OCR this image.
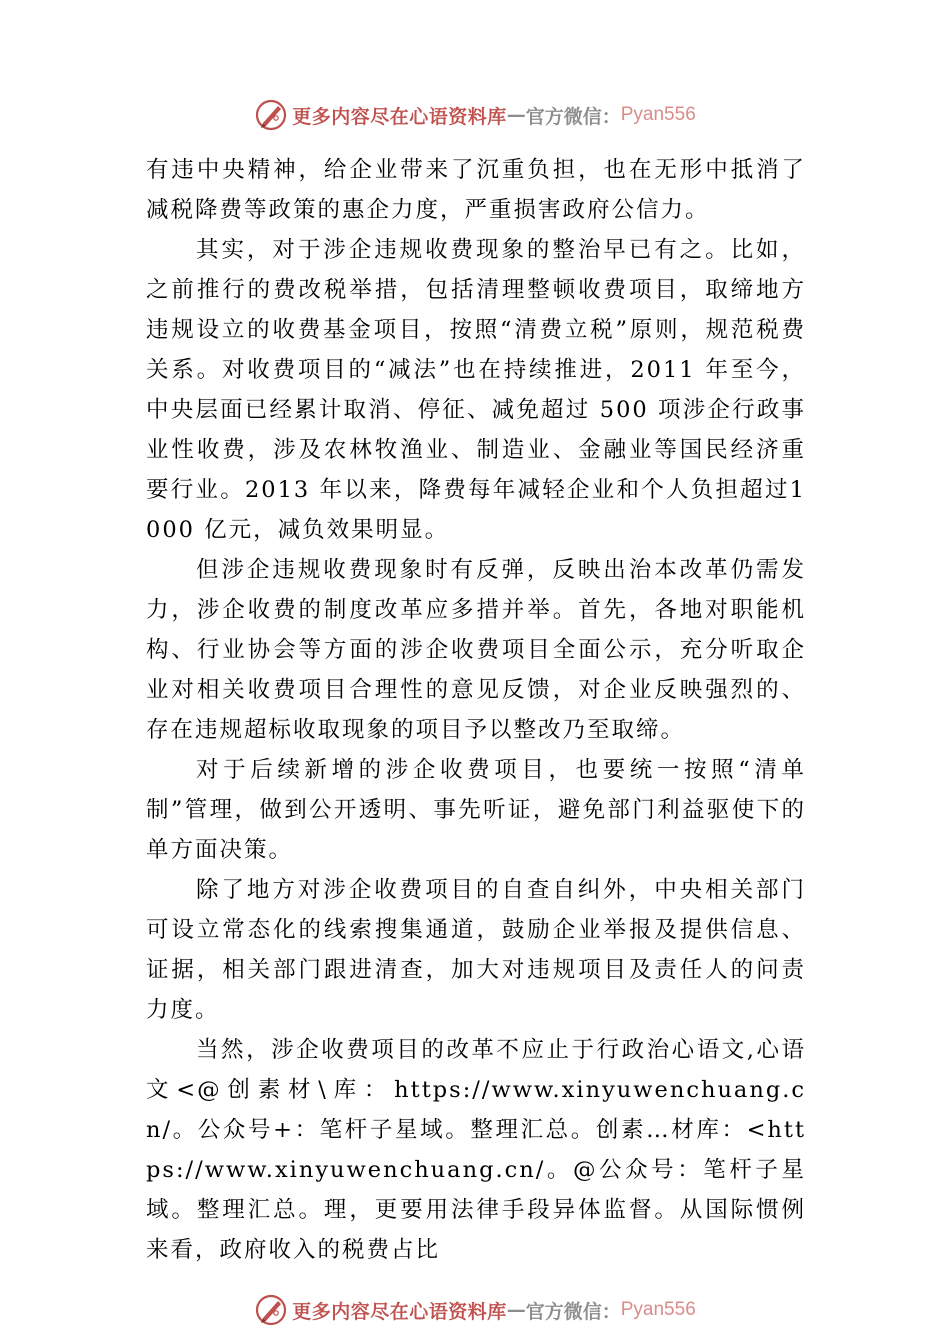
更多内容尽在心语资料库 — 官方微信： Pyan556

有违中央精神，给企业带来了沉重负担，也在无形中抵消了减税降费等政策的惠企力度，严重损害政府公信力。

其实，对于涉企违规收费现象的整治早已有之。比如，之前推行的费改税举措，包括清理整顿收费项目，取缔地方违规设立的收费基金项目，按照“清费立税”原则，规范税费关系。对收费项目的“减法”也在持续推进，2011 年至今，中央层面已经累计取消、停征、减免超过 500 项涉企行政事业性收费，涉及农林牧渔业、制造业、金融业等国民经济重要行业。2013 年以来，降费每年减轻企业和个人负担超过1000 亿元，减负效果明显。

但涉企违规收费现象时有反弹，反映出治本改革仍需发力，涉企收费的制度改革应多措并举。首先，各地对职能机构、行业协会等方面的涉企收费项目全面公示，充分听取企业对相关收费项目合理性的意见反馈，对企业反映强烈的、存在违规超标收取现象的项目予以整改乃至取缔。

对于后续新增的涉企收费项目，也要统一按照“清单制”管理，做到公开透明、事先听证，避免部门利益驱使下的单方面决策。

除了地方对涉企收费项目的自查自纠外，中央相关部门可设立常态化的线索搜集通道，鼓励企业举报及提供信息、证据，相关部门跟进清查，加大对违规项目及责任人的问责力度。

当然，涉企收费项目的改革不应止于行政治心语文,心语文<@创素材\库：https://www.xinyuwenchuang.cn/。公众号+：笔杆子星域。整理汇总。创素…材库：<https://www.xinyuwenchuang.cn/。@公众号：笔杆子星域。整理汇总。理，更要用法律手段异体监督。从国际惯例来看，政府收入的税费占比

更多内容尽在心语资料库 — 官方微信： Pyan556
